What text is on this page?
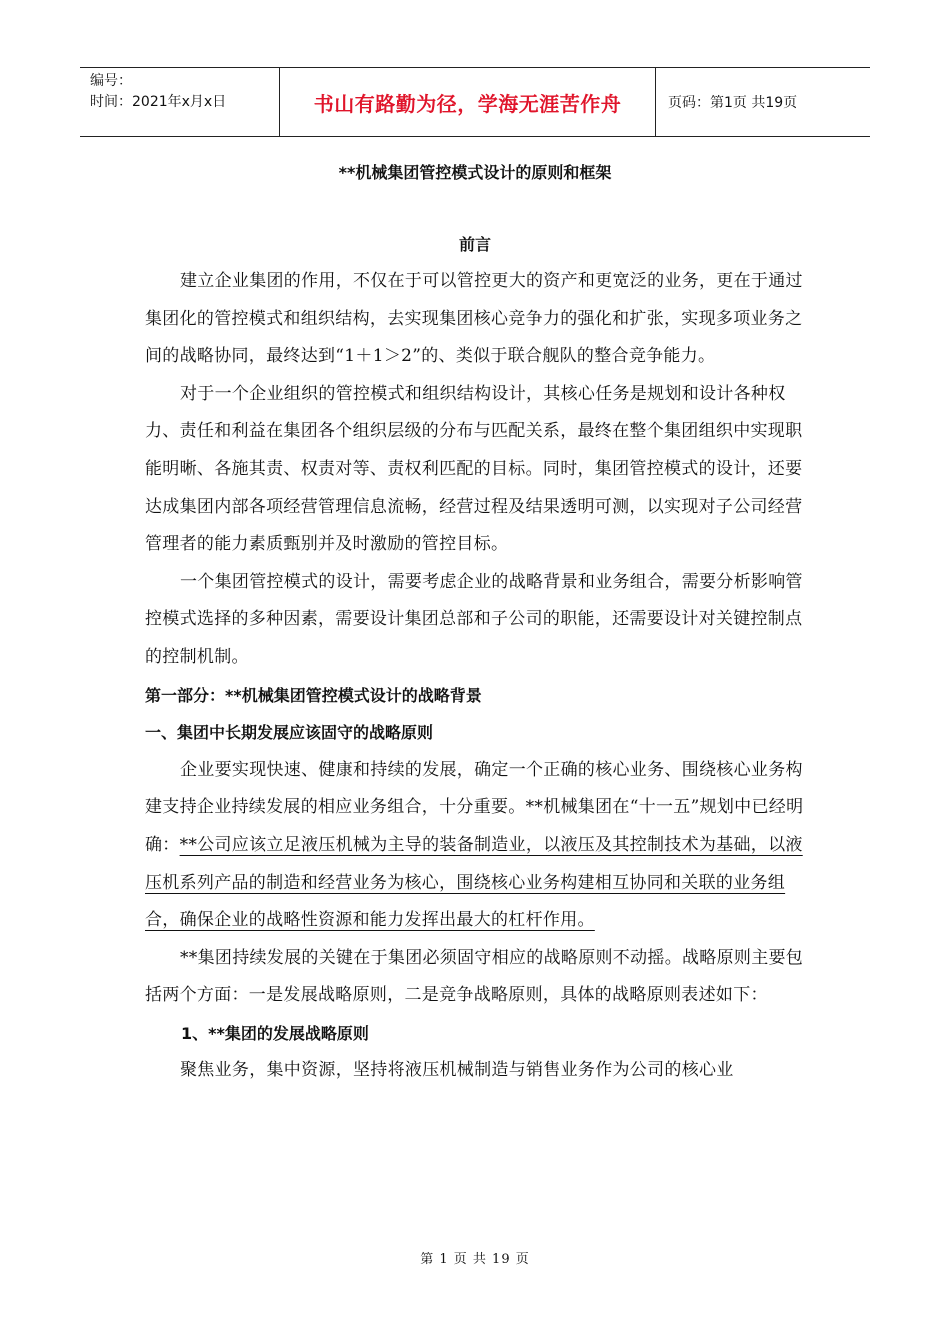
编号：
时间：2021年x月x日	书山有路勤为径，学海无涯苦作舟	页码：第1页 共19页
**机械集团管控模式设计的原则和框架
前言

建立企业集团的作用，不仅在于可以管控更大的资产和更宽泛的业务，更在于通过集团化的管控模式和组织结构，去实现集团核心竞争力的强化和扩张，实现多项业务之间的战略协同，最终达到“1＋1＞2”的、类似于联合舰队的整合竞争能力。

对于一个企业组织的管控模式和组织结构设计，其核心任务是规划和设计各种权力、责任和利益在集团各个组织层级的分布与匹配关系，最终在整个集团组织中实现职能明晰、各施其责、权责对等、责权利匹配的目标。同时，集团管控模式的设计，还要达成集团内部各项经营管理信息流畅，经营过程及结果透明可测，以实现对子公司经营管理者的能力素质甄别并及时激励的管控目标。

一个集团管控模式的设计，需要考虑企业的战略背景和业务组合，需要分析影响管控模式选择的多种因素，需要设计集团总部和子公司的职能，还需要设计对关键控制点的控制机制。

第一部分：**机械集团管控模式设计的战略背景

一、集团中长期发展应该固守的战略原则

企业要实现快速、健康和持续的发展，确定一个正确的核心业务、围绕核心业务构建支持企业持续发展的相应业务组合，十分重要。**机械集团在“十一五”规划中已经明确：**公司应该立足液压机械为主导的装备制造业，以液压及其控制技术为基础，以液压机系列产品的制造和经营业务为核心，围绕核心业务构建相互协同和关联的业务组合，确保企业的战略性资源和能力发挥出最大的杠杆作用。

**集团持续发展的关键在于集团必须固守相应的战略原则不动摇。战略原则主要包括两个方面：一是发展战略原则，二是竞争战略原则，具体的战略原则表述如下：

1、**集团的发展战略原则

聚焦业务，集中资源，坚持将液压机械制造与销售业务作为公司的核心业

第 1 页 共 19 页
